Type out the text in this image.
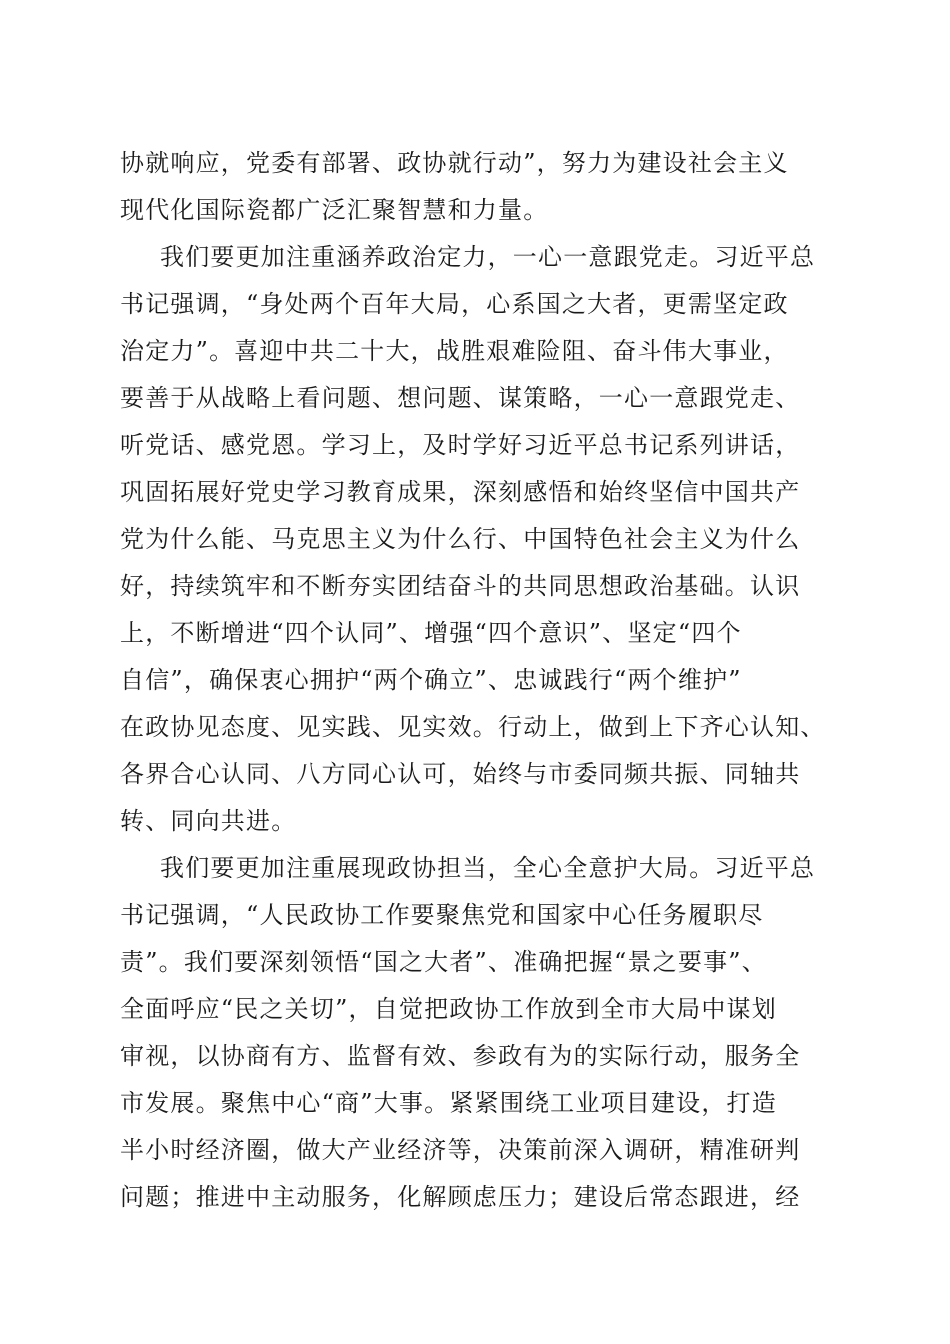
协就响应，党委有部署、政协就行动”，努力为建设社会主义
现代化国际瓷都广泛汇聚智慧和力量。
我们要更加注重涵养政治定力，一心一意跟党走。习近平总
书记强调，“身处两个百年大局，心系国之大者，更需坚定政
治定力”。喜迎中共二十大，战胜艰难险阻、奋斗伟大事业，
要善于从战略上看问题、想问题、谋策略，一心一意跟党走、
听党话、感党恩。学习上，及时学好习近平总书记系列讲话，
巩固拓展好党史学习教育成果，深刻感悟和始终坚信中国共产
党为什么能、马克思主义为什么行、中国特色社会主义为什么
好，持续筑牢和不断夯实团结奋斗的共同思想政治基础。认识
上，不断增进“四个认同”、增强“四个意识”、坚定“四个
自信”，确保衷心拥护“两个确立”、忠诚践行“两个维护”
在政协见态度、见实践、见实效。行动上，做到上下齐心认知、
各界合心认同、八方同心认可，始终与市委同频共振、同轴共
转、同向共进。
我们要更加注重展现政协担当，全心全意护大局。习近平总
书记强调，“人民政协工作要聚焦党和国家中心任务履职尽
责”。我们要深刻领悟“国之大者”、准确把握“景之要事”、
全面呼应“民之关切”，自觉把政协工作放到全市大局中谋划
审视，以协商有方、监督有效、参政有为的实际行动，服务全
市发展。聚焦中心“商”大事。紧紧围绕工业项目建设，打造
半小时经济圈，做大产业经济等，决策前深入调研，精准研判
问题；推进中主动服务，化解顾虑压力；建设后常态跟进，经
